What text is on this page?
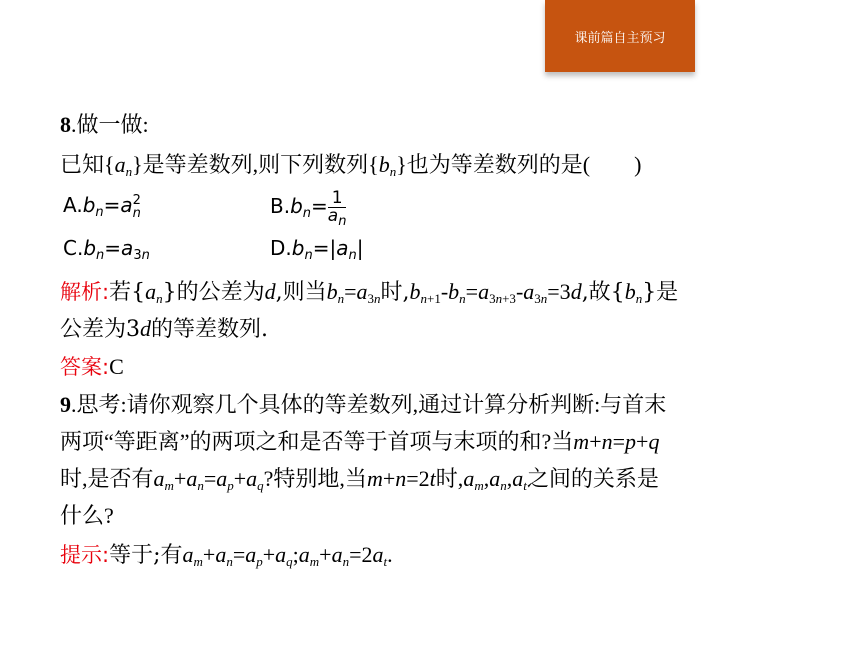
课前篇自主预习
8.做一做:
已知$\{a_n\}$是等差数列,则下列数列$\{b_n\}$也为等差数列的是( )
$A.b_n=a$ 2
n	$B.b_n= \frac{1}{a_n}$
$C.b_n=a_{3n}$	$D.b_n=|a_n|$
解析:若$\{a_n\}$的公差为d,则当$b_n=a_{3n}$时$,b_{n+1}-b_n=a_{3n+3}-a_{3n}=3d$,故$\{b_n\}$是
公差为3d的等差数列.
答案:C
9.思考:请你观察几个具体的等差数列,通过计算分析判断:与首末
两项“等距离”的两项之和是否等于首项与末项的和?当m+n=p+q
时,是否有$a_m+a_n=a_p+a_q$?特别地,当m+n=2t时$,a_m,a_n,a_t$之间的关系是
什么?
提示:等于;有$a_m+a_n=a_p+a_q;a_m+a_n=2a_t$.
